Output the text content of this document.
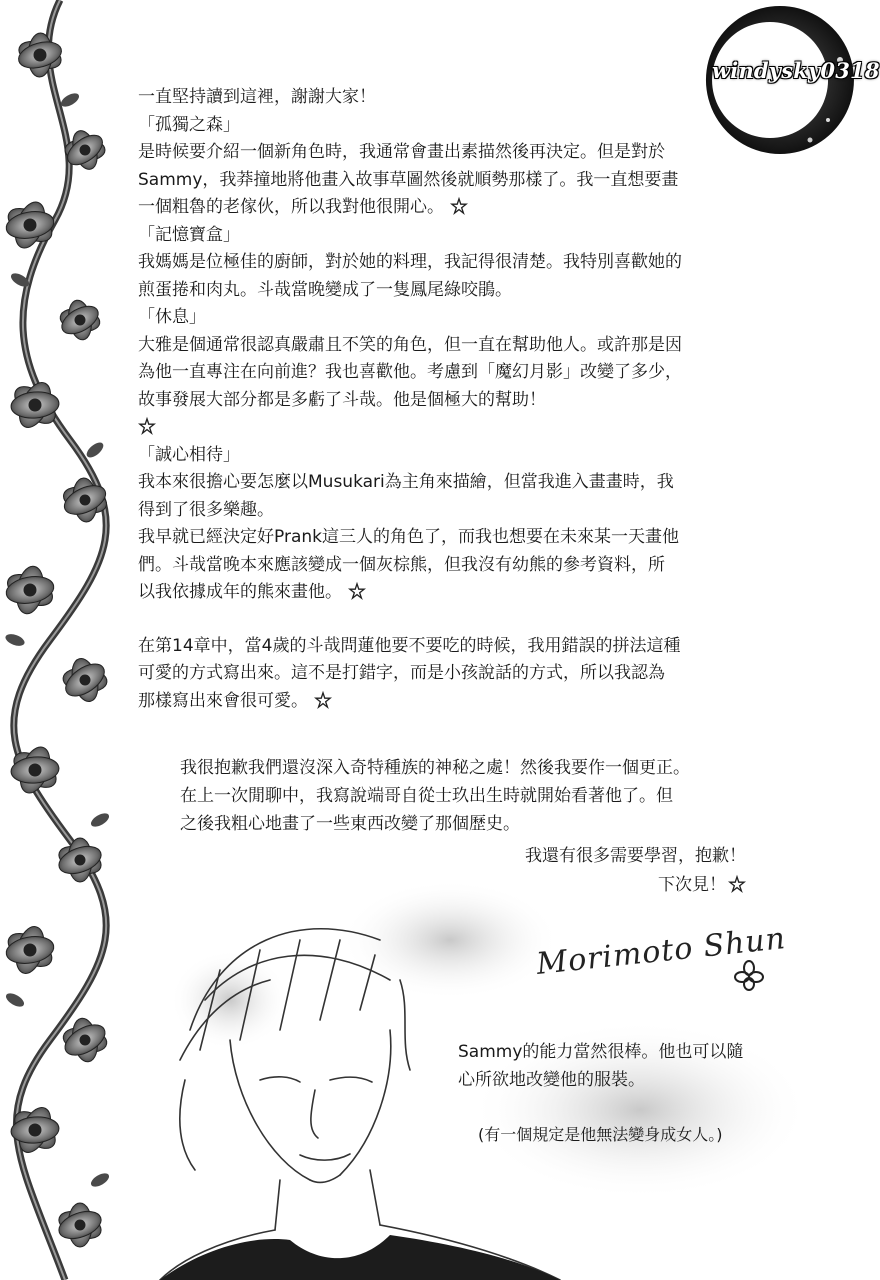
windysky0318

一直堅持讀到這裡，謝謝大家！

「孤獨之森」

是時候要介紹一個新角色時，我通常會畫出素描然後再決定。但是對於

Sammy，我莽撞地將他畫入故事草圖然後就順勢那樣了。我一直想要畫

一個粗魯的老傢伙，所以我對他很開心。

「記憶寶盒」

我媽媽是位極佳的廚師，對於她的料理，我記得很清楚。我特別喜歡她的

煎蛋捲和肉丸。斗哉當晚變成了一隻鳳尾綠咬鵑。

「休息」

大雅是個通常很認真嚴肅且不笑的角色，但一直在幫助他人。或許那是因

為他一直專注在向前進？我也喜歡他。考慮到「魔幻月影」改變了多少，

故事發展大部分都是多虧了斗哉。他是個極大的幫助！

「誠心相待」

我本來很擔心要怎麼以Musukari為主角來描繪，但當我進入畫畫時，我

得到了很多樂趣。

我早就已經決定好Prank這三人的角色了，而我也想要在未來某一天畫他

們。斗哉當晚本來應該變成一個灰棕熊，但我沒有幼熊的參考資料，所

以我依據成年的熊來畫他。

在第14章中，當4歲的斗哉問蓮他要不要吃的時候，我用錯誤的拼法這種

可愛的方式寫出來。這不是打錯字，而是小孩說話的方式，所以我認為

那樣寫出來會很可愛。

我很抱歉我們還沒深入奇特種族的神秘之處！然後我要作一個更正。

在上一次閒聊中，我寫說端哥自從士玖出生時就開始看著他了。但

之後我粗心地畫了一些東西改變了那個歷史。

我還有很多需要學習，抱歉！

下次見！

Morimoto Shun

Sammy的能力當然很棒。他也可以隨

心所欲地改變他的服裝。

(有一個規定是他無法變身成女人。)
